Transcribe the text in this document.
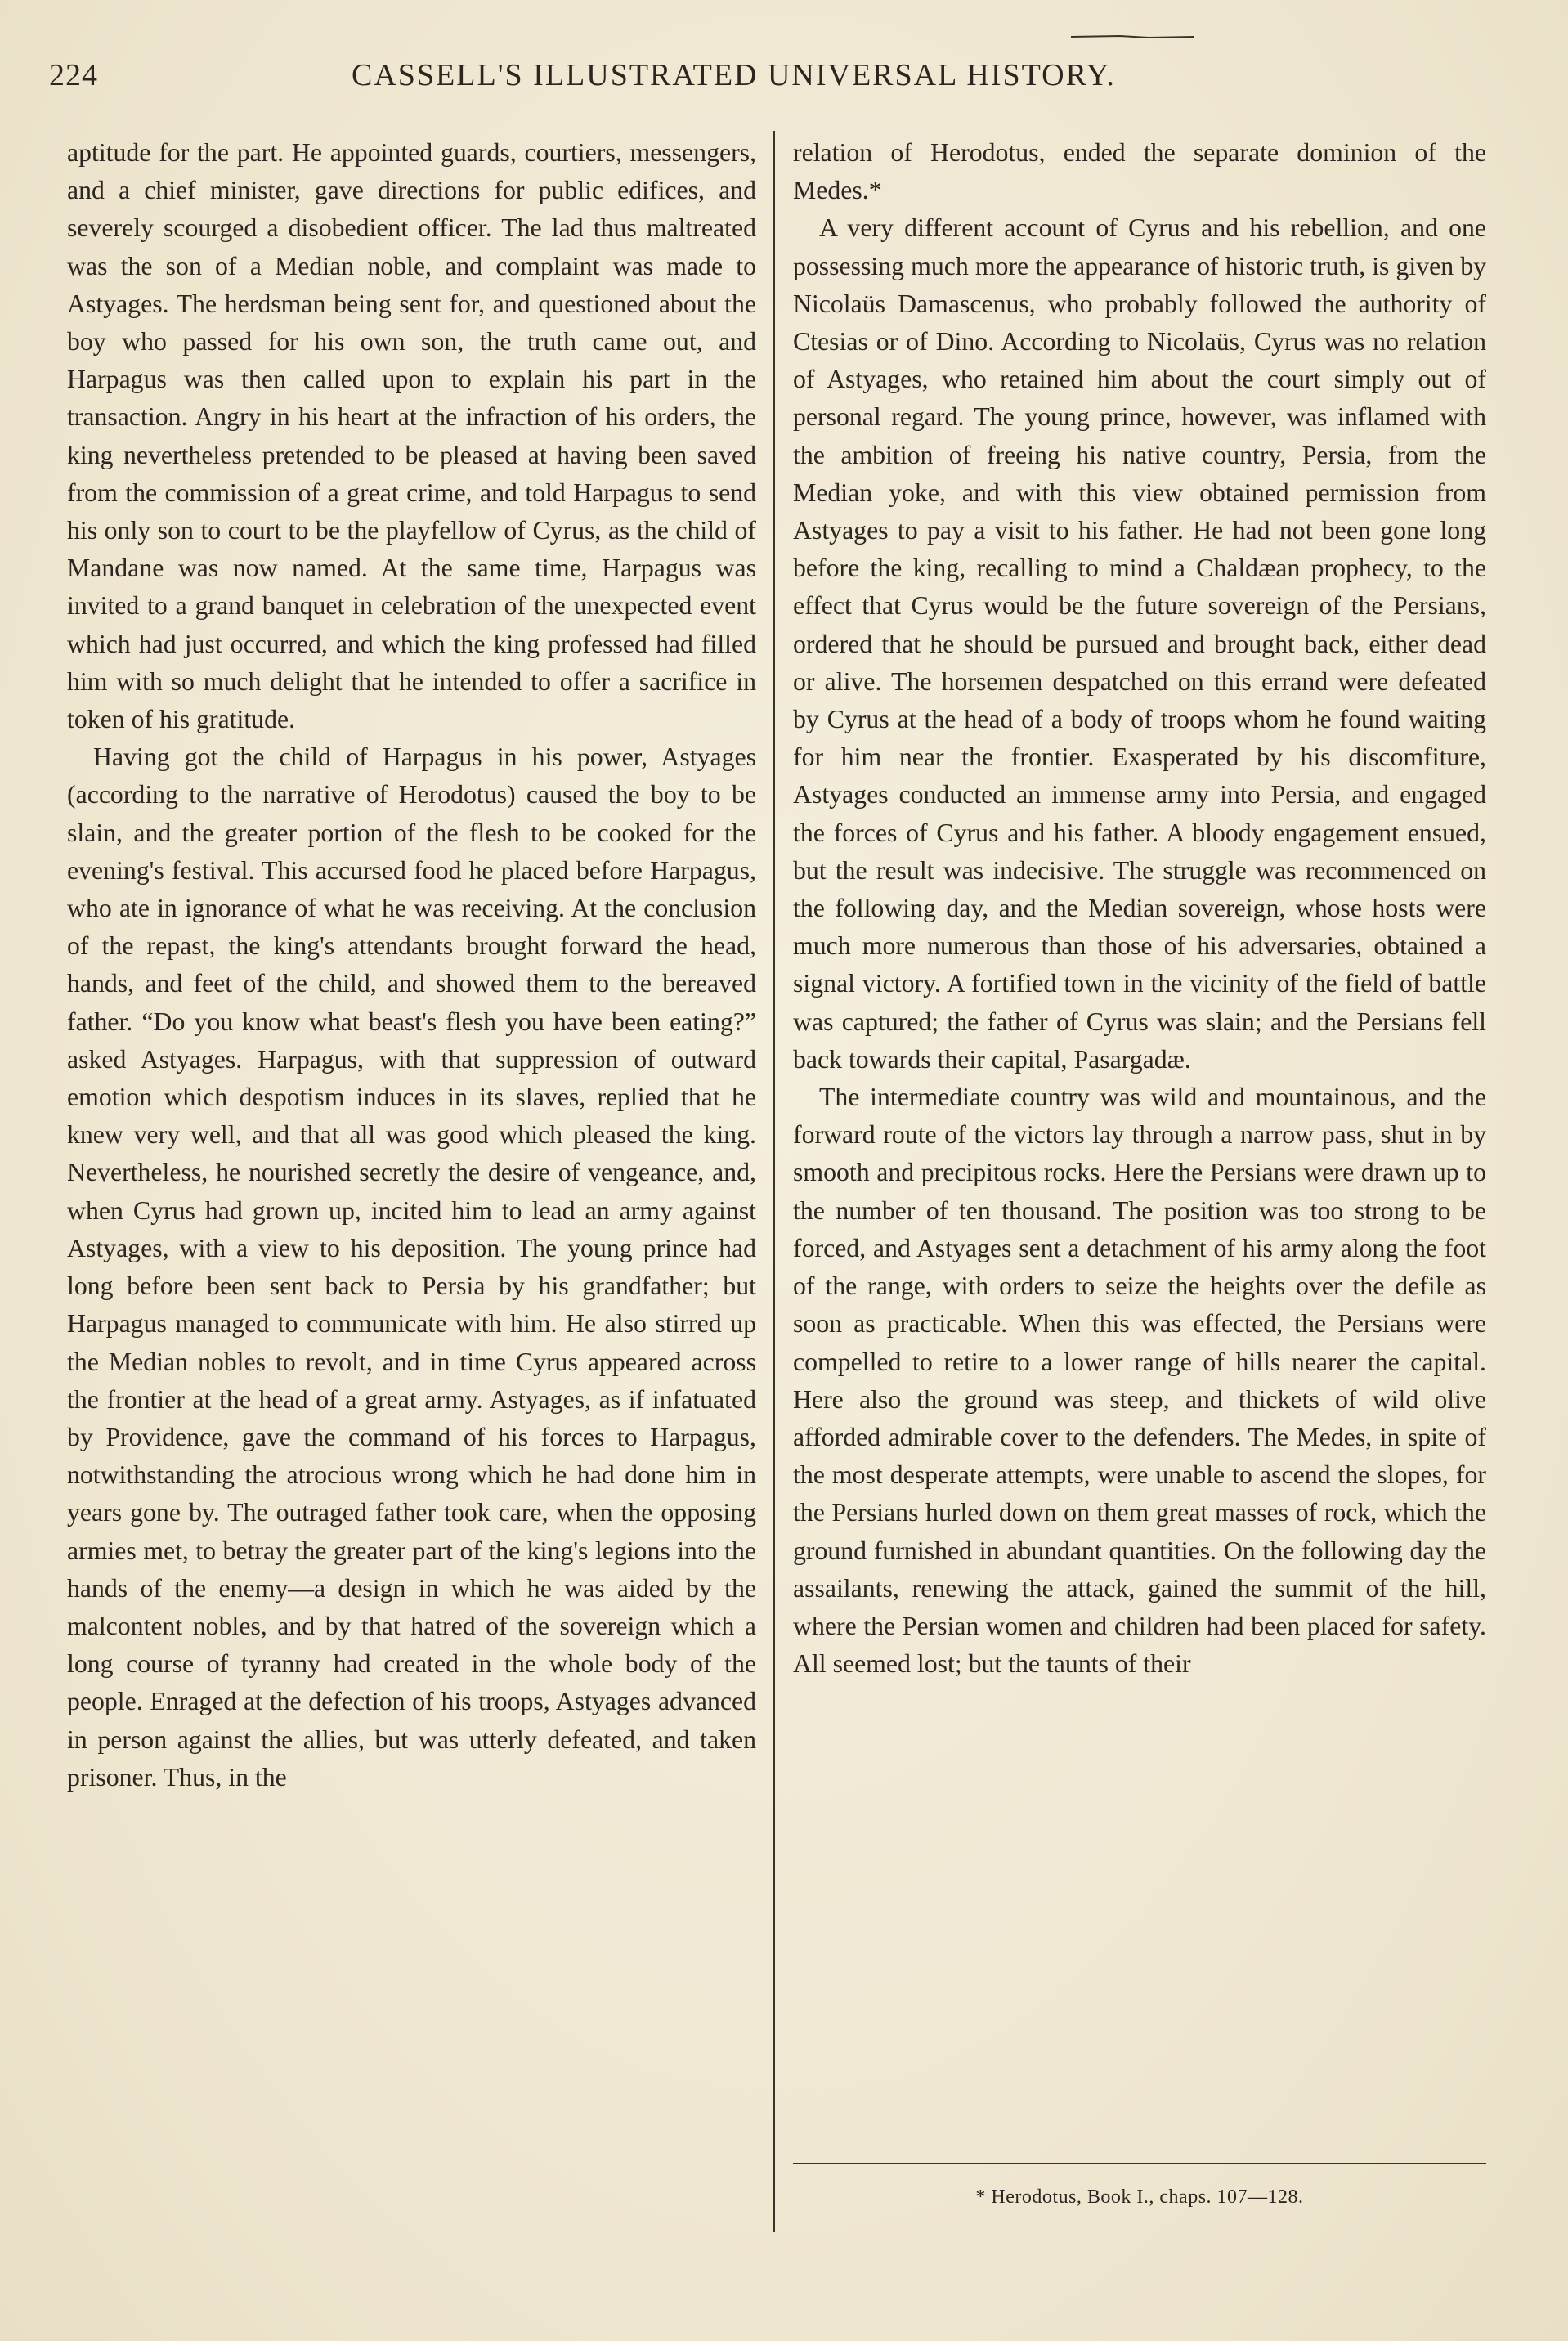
224	CASSELL'S ILLUSTRATED UNIVERSAL HISTORY.

aptitude for the part. He appointed guards, courtiers, messengers, and a chief minister, gave directions for public edifices, and severely scourged a disobedient officer. The lad thus maltreated was the son of a Median noble, and complaint was made to Astyages. The herdsman being sent for, and questioned about the boy who passed for his own son, the truth came out, and Harpagus was then called upon to explain his part in the transaction. Angry in his heart at the infraction of his orders, the king nevertheless pretended to be pleased at having been saved from the commission of a great crime, and told Harpagus to send his only son to court to be the playfellow of Cyrus, as the child of Mandane was now named. At the same time, Harpagus was invited to a grand banquet in celebration of the unexpected event which had just occurred, and which the king professed had filled him with so much delight that he intended to offer a sacrifice in token of his gratitude.

Having got the child of Harpagus in his power, Astyages (according to the narrative of Herodotus) caused the boy to be slain, and the greater portion of the flesh to be cooked for the evening's festival. This accursed food he placed before Harpagus, who ate in ignorance of what he was receiving. At the conclusion of the repast, the king's attendants brought forward the head, hands, and feet of the child, and showed them to the bereaved father. “Do you know what beast's flesh you have been eating?” asked Astyages. Harpagus, with that suppression of outward emotion which despotism induces in its slaves, replied that he knew very well, and that all was good which pleased the king. Nevertheless, he nourished secretly the desire of vengeance, and, when Cyrus had grown up, incited him to lead an army against Astyages, with a view to his deposition. The young prince had long before been sent back to Persia by his grandfather; but Harpagus managed to communicate with him. He also stirred up the Median nobles to revolt, and in time Cyrus appeared across the frontier at the head of a great army. Astyages, as if infatuated by Providence, gave the command of his forces to Harpagus, notwithstanding the atrocious wrong which he had done him in years gone by. The outraged father took care, when the opposing armies met, to betray the greater part of the king's legions into the hands of the enemy—a design in which he was aided by the malcontent nobles, and by that hatred of the sovereign which a long course of tyranny had created in the whole body of the people. Enraged at the defection of his troops, Astyages advanced in person against the allies, but was utterly defeated, and taken prisoner. Thus, in the

relation of Herodotus, ended the separate dominion of the Medes.*

A very different account of Cyrus and his rebellion, and one possessing much more the appearance of historic truth, is given by Nicolaüs Damascenus, who probably followed the authority of Ctesias or of Dino. According to Nicolaüs, Cyrus was no relation of Astyages, who retained him about the court simply out of personal regard. The young prince, however, was inflamed with the ambition of freeing his native country, Persia, from the Median yoke, and with this view obtained permission from Astyages to pay a visit to his father. He had not been gone long before the king, recalling to mind a Chaldæan prophecy, to the effect that Cyrus would be the future sovereign of the Persians, ordered that he should be pursued and brought back, either dead or alive. The horsemen despatched on this errand were defeated by Cyrus at the head of a body of troops whom he found waiting for him near the frontier. Exasperated by his discomfiture, Astyages conducted an immense army into Persia, and engaged the forces of Cyrus and his father. A bloody engagement ensued, but the result was indecisive. The struggle was recommenced on the following day, and the Median sovereign, whose hosts were much more numerous than those of his adversaries, obtained a signal victory. A fortified town in the vicinity of the field of battle was captured; the father of Cyrus was slain; and the Persians fell back towards their capital, Pasargadæ.

The intermediate country was wild and mountainous, and the forward route of the victors lay through a narrow pass, shut in by smooth and precipitous rocks. Here the Persians were drawn up to the number of ten thousand. The position was too strong to be forced, and Astyages sent a detachment of his army along the foot of the range, with orders to seize the heights over the defile as soon as practicable. When this was effected, the Persians were compelled to retire to a lower range of hills nearer the capital. Here also the ground was steep, and thickets of wild olive afforded admirable cover to the defenders. The Medes, in spite of the most desperate attempts, were unable to ascend the slopes, for the Persians hurled down on them great masses of rock, which the ground furnished in abundant quantities. On the following day the assailants, renewing the attack, gained the summit of the hill, where the Persian women and children had been placed for safety. All seemed lost; but the taunts of their

* Herodotus, Book I., chaps. 107—128.
